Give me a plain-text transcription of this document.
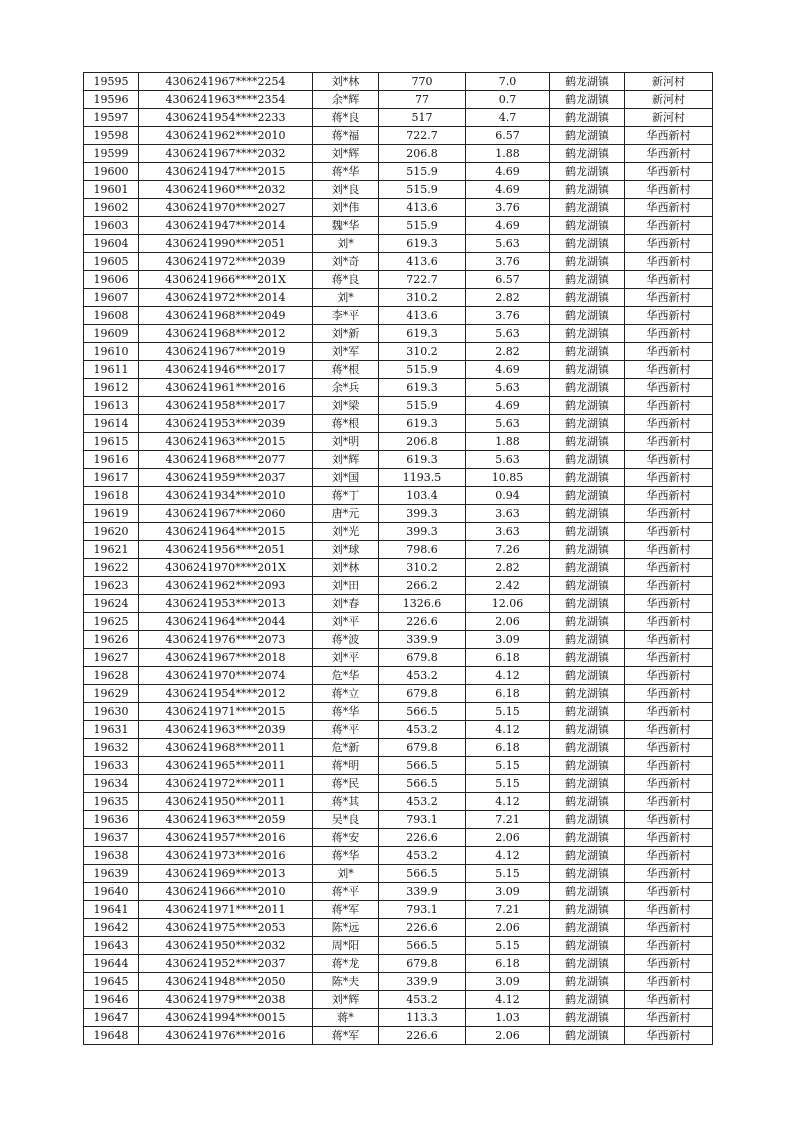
19595	4306241967****2254	刘*林	770	7.0	鹤龙湖镇	新河村
19596	4306241963****2354	余*辉	77	0.7	鹤龙湖镇	新河村
19597	4306241954****2233	蒋*良	517	4.7	鹤龙湖镇	新河村
19598	4306241962****2010	蒋*福	722.7	6.57	鹤龙湖镇	华西新村
19599	4306241967****2032	刘*辉	206.8	1.88	鹤龙湖镇	华西新村
19600	4306241947****2015	蒋*华	515.9	4.69	鹤龙湖镇	华西新村
19601	4306241960****2032	刘*良	515.9	4.69	鹤龙湖镇	华西新村
19602	4306241970****2027	刘*伟	413.6	3.76	鹤龙湖镇	华西新村
19603	4306241947****2014	魏*华	515.9	4.69	鹤龙湖镇	华西新村
19604	4306241990****2051	刘*	619.3	5.63	鹤龙湖镇	华西新村
19605	4306241972****2039	刘*奇	413.6	3.76	鹤龙湖镇	华西新村
19606	4306241966****201X	蒋*良	722.7	6.57	鹤龙湖镇	华西新村
19607	4306241972****2014	刘*	310.2	2.82	鹤龙湖镇	华西新村
19608	4306241968****2049	李*平	413.6	3.76	鹤龙湖镇	华西新村
19609	4306241968****2012	刘*新	619.3	5.63	鹤龙湖镇	华西新村
19610	4306241967****2019	刘*军	310.2	2.82	鹤龙湖镇	华西新村
19611	4306241946****2017	蒋*根	515.9	4.69	鹤龙湖镇	华西新村
19612	4306241961****2016	余*兵	619.3	5.63	鹤龙湖镇	华西新村
19613	4306241958****2017	刘*梁	515.9	4.69	鹤龙湖镇	华西新村
19614	4306241953****2039	蒋*根	619.3	5.63	鹤龙湖镇	华西新村
19615	4306241963****2015	刘*明	206.8	1.88	鹤龙湖镇	华西新村
19616	4306241968****2077	刘*辉	619.3	5.63	鹤龙湖镇	华西新村
19617	4306241959****2037	刘*国	1193.5	10.85	鹤龙湖镇	华西新村
19618	4306241934****2010	蒋*丁	103.4	0.94	鹤龙湖镇	华西新村
19619	4306241967****2060	唐*元	399.3	3.63	鹤龙湖镇	华西新村
19620	4306241964****2015	刘*光	399.3	3.63	鹤龙湖镇	华西新村
19621	4306241956****2051	刘*球	798.6	7.26	鹤龙湖镇	华西新村
19622	4306241970****201X	刘*林	310.2	2.82	鹤龙湖镇	华西新村
19623	4306241962****2093	刘*田	266.2	2.42	鹤龙湖镇	华西新村
19624	4306241953****2013	刘*春	1326.6	12.06	鹤龙湖镇	华西新村
19625	4306241964****2044	刘*平	226.6	2.06	鹤龙湖镇	华西新村
19626	4306241976****2073	蒋*波	339.9	3.09	鹤龙湖镇	华西新村
19627	4306241967****2018	刘*平	679.8	6.18	鹤龙湖镇	华西新村
19628	4306241970****2074	危*华	453.2	4.12	鹤龙湖镇	华西新村
19629	4306241954****2012	蒋*立	679.8	6.18	鹤龙湖镇	华西新村
19630	4306241971****2015	蒋*华	566.5	5.15	鹤龙湖镇	华西新村
19631	4306241963****2039	蒋*平	453.2	4.12	鹤龙湖镇	华西新村
19632	4306241968****2011	危*新	679.8	6.18	鹤龙湖镇	华西新村
19633	4306241965****2011	蒋*明	566.5	5.15	鹤龙湖镇	华西新村
19634	4306241972****2011	蒋*民	566.5	5.15	鹤龙湖镇	华西新村
19635	4306241950****2011	蒋*其	453.2	4.12	鹤龙湖镇	华西新村
19636	4306241963****2059	吴*良	793.1	7.21	鹤龙湖镇	华西新村
19637	4306241957****2016	蒋*安	226.6	2.06	鹤龙湖镇	华西新村
19638	4306241973****2016	蒋*华	453.2	4.12	鹤龙湖镇	华西新村
19639	4306241969****2013	刘*	566.5	5.15	鹤龙湖镇	华西新村
19640	4306241966****2010	蒋*平	339.9	3.09	鹤龙湖镇	华西新村
19641	4306241971****2011	蒋*军	793.1	7.21	鹤龙湖镇	华西新村
19642	4306241975****2053	陈*远	226.6	2.06	鹤龙湖镇	华西新村
19643	4306241950****2032	周*阳	566.5	5.15	鹤龙湖镇	华西新村
19644	4306241952****2037	蒋*龙	679.8	6.18	鹤龙湖镇	华西新村
19645	4306241948****2050	陈*夫	339.9	3.09	鹤龙湖镇	华西新村
19646	4306241979****2038	刘*辉	453.2	4.12	鹤龙湖镇	华西新村
19647	4306241994****0015	蒋*	113.3	1.03	鹤龙湖镇	华西新村
19648	4306241976****2016	蒋*军	226.6	2.06	鹤龙湖镇	华西新村
